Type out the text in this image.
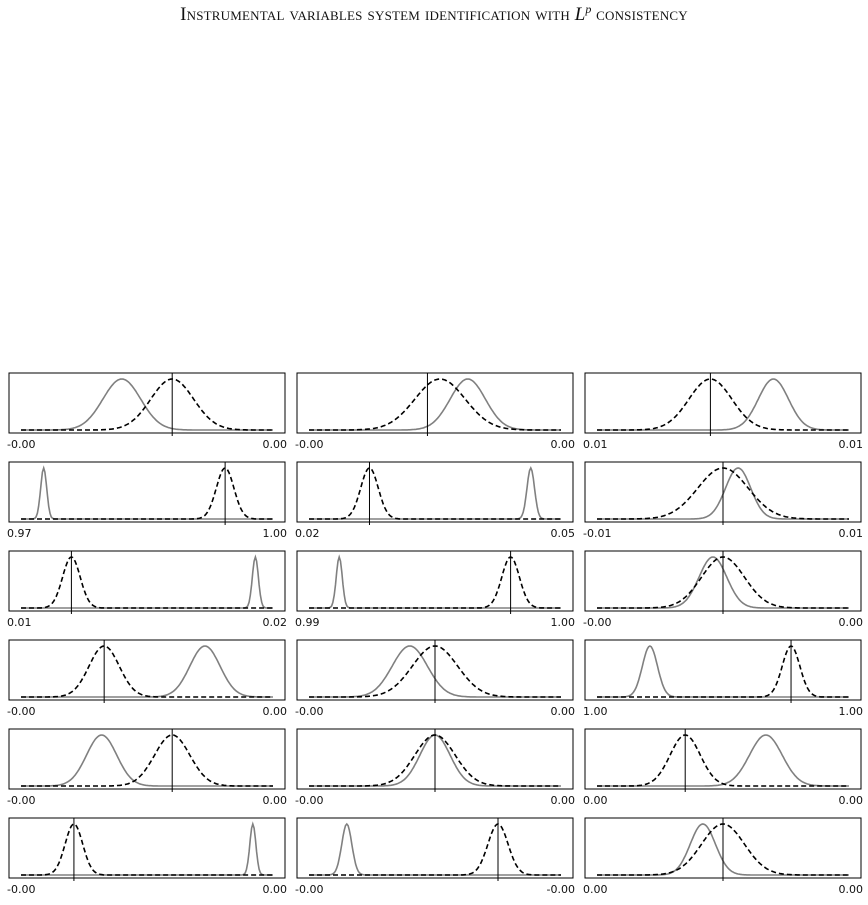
Instrumental variables system identification with $L^p$ consistency
-0.00	0.00 -0.00	0.00 0.01	0.01
0.97	1.00 0.02	0.05 -0.01	0.01
0.01	0.02 0.99	1.00 -0.00	0.00
-0.00	0.00 -0.00	0.00 1.00	1.00
-0.00	0.00 -0.00	0.00 0.00	0.00
-0.00	0.00 -0.00	-0.00 0.00	0.00
